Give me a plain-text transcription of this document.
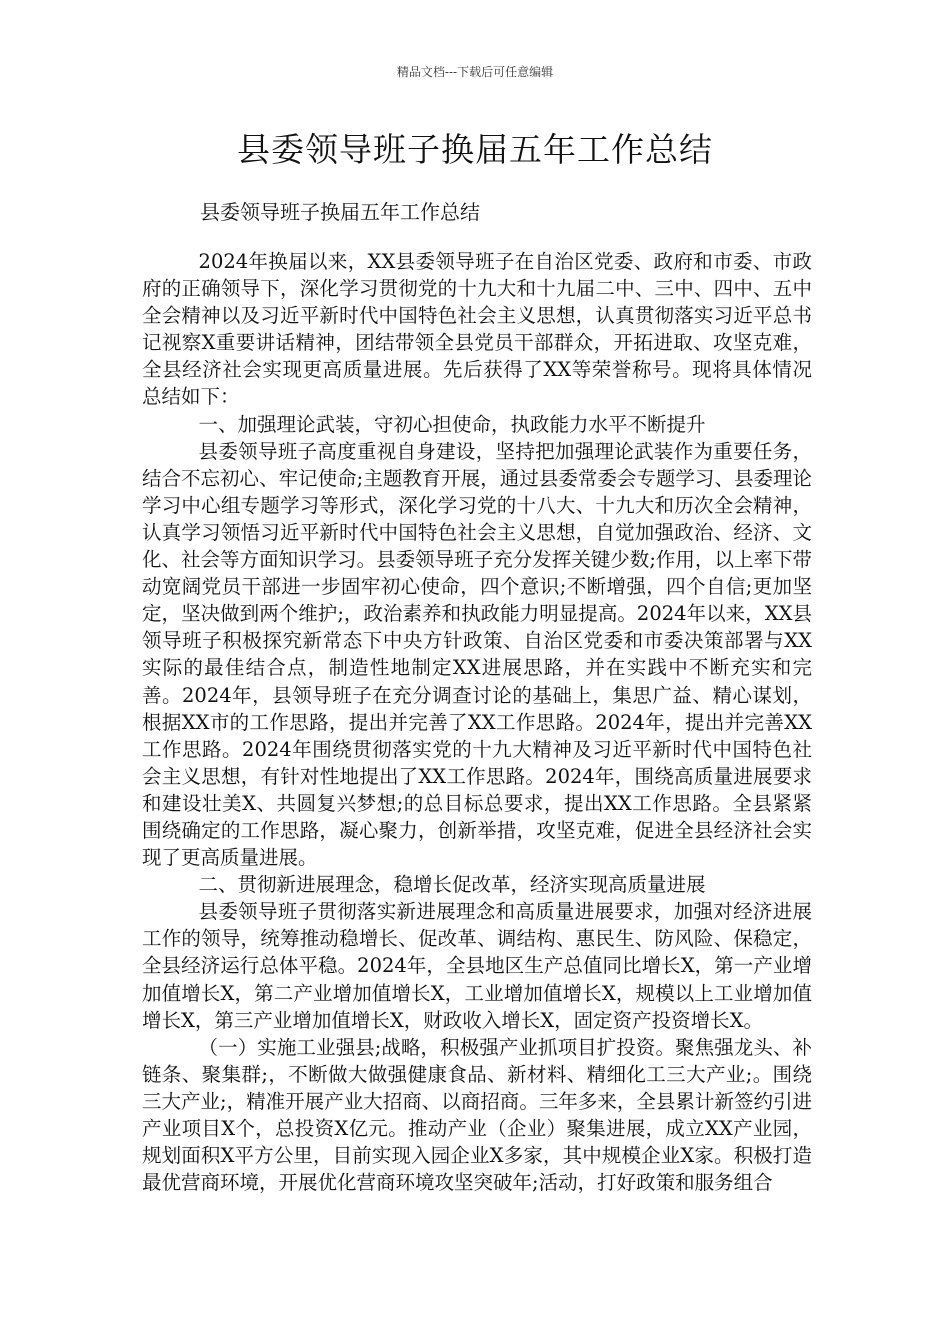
精品文档---下载后可任意编辑
县委领导班子换届五年工作总结
县委领导班子换届五年工作总结

2024年换届以来，XX县委领导班子在自治区党委、政府和市委、市政府的正确领导下，深化学习贯彻党的十九大和十九届二中、三中、四中、五中全会精神以及习近平新时代中国特色社会主义思想，认真贯彻落实习近平总书记视察X重要讲话精神，团结带领全县党员干部群众，开拓进取、攻坚克难，全县经济社会实现更高质量进展。先后获得了XX等荣誉称号。现将具体情况总结如下：

一、加强理论武装，守初心担使命，执政能力水平不断提升

县委领导班子高度重视自身建设，坚持把加强理论武装作为重要任务，结合不忘初心、牢记使命;主题教育开展，通过县委常委会专题学习、县委理论学习中心组专题学习等形式，深化学习党的十八大、十九大和历次全会精神，认真学习领悟习近平新时代中国特色社会主义思想，自觉加强政治、经济、文化、社会等方面知识学习。县委领导班子充分发挥关键少数;作用，以上率下带动宽阔党员干部进一步固牢初心使命，四个意识;不断增强，四个自信;更加坚定，坚决做到两个维护;，政治素养和执政能力明显提高。2024年以来，XX县领导班子积极探究新常态下中央方针政策、自治区党委和市委决策部署与XX实际的最佳结合点，制造性地制定XX进展思路，并在实践中不断充实和完善。2024年，县领导班子在充分调查讨论的基础上，集思广益、精心谋划，根据XX市的工作思路，提出并完善了XX工作思路。2024年，提出并完善XX工作思路。2024年围绕贯彻落实党的十九大精神及习近平新时代中国特色社会主义思想，有针对性地提出了XX工作思路。2024年，围绕高质量进展要求和建设壮美X、共圆复兴梦想;的总目标总要求，提出XX工作思路。全县紧紧围绕确定的工作思路，凝心聚力，创新举措，攻坚克难，促进全县经济社会实现了更高质量进展。

二、贯彻新进展理念，稳增长促改革，经济实现高质量进展

县委领导班子贯彻落实新进展理念和高质量进展要求，加强对经济进展工作的领导，统筹推动稳增长、促改革、调结构、惠民生、防风险、保稳定，全县经济运行总体平稳。2024年，全县地区生产总值同比增长X，第一产业增加值增长X，第二产业增加值增长X，工业增加值增长X，规模以上工业增加值增长X，第三产业增加值增长X，财政收入增长X，固定资产投资增长X。

（一）实施工业强县;战略，积极强产业抓项目扩投资。聚焦强龙头、补链条、聚集群;，不断做大做强健康食品、新材料、精细化工三大产业;。围绕三大产业;，精准开展产业大招商、以商招商。三年多来，全县累计新签约引进产业项目X个，总投资X亿元。推动产业（企业）聚集进展，成立XX产业园，规划面积X平方公里，目前实现入园企业X多家，其中规模企业X家。积极打造最优营商环境，开展优化营商环境攻坚突破年;活动，打好政策和服务组合
